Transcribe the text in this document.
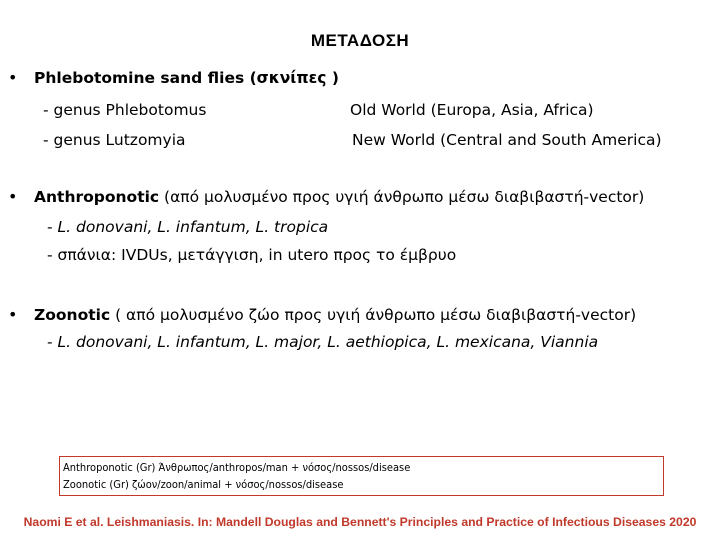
ΜΕΤΑΔΟΣΗ
• Phlebotomine sand flies (σκνίπες )
- genus Phlebotomus	Old World (Europa, Asia, Africa)
- genus Lutzomyia	New World (Central and South America)
• Anthroponotic (από μολυσμένο προς υγιή άνθρωπο μέσω διαβιβαστή-vector)
- L. donovani, L. infantum, L. tropica
- σπάνια: IVDUs, μετάγγιση, in utero προς το έμβρυο
• Zoonotic ( από μολυσμένο ζώο προς υγιή άνθρωπο μέσω διαβιβαστή-vector)
- L. donovani, L. infantum, L. major, L. aethiopica, L. mexicana, Viannia
Anthroponotic (Gr) Άνθρωπος/anthropos/man + νόσος/nossos/disease
Zoonotic (Gr) ζώον/zoon/animal + νόσος/nossos/disease
Naomi E et al. Leishmaniasis. In: Mandell Douglas and Bennett's Principles and Practice of Infectious Diseases 2020
